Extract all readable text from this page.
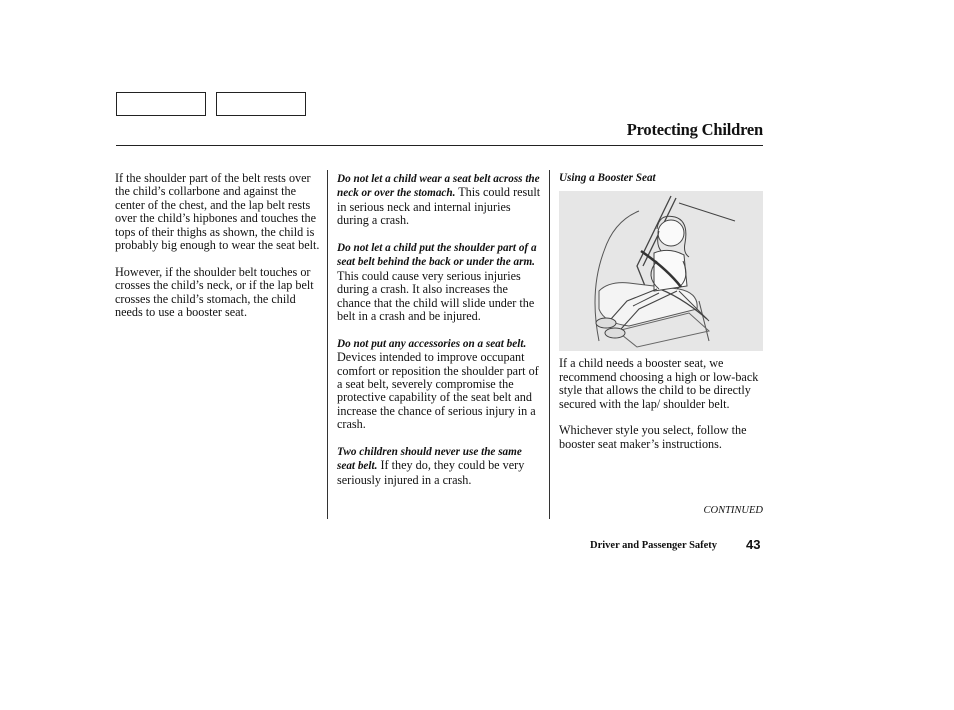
Protecting Children

If the shoulder part of the belt rests over the child’s collarbone and against the center of the chest, and the lap belt rests over the child’s hipbones and touches the tops of their thighs as shown, the child is probably big enough to wear the seat belt.

However, if the shoulder belt touches or crosses the child’s neck, or if the lap belt crosses the child’s stomach, the child needs to use a booster seat.

Do not let a child wear a seat belt across the neck or over the stomach. This could result in serious neck and internal injuries during a crash.

Do not let a child put the shoulder part of a seat belt behind the back or under the arm. This could cause very serious injuries during a crash. It also increases the chance that the child will slide under the belt in a crash and be injured.

Do not put any accessories on a seat belt. Devices intended to improve occupant comfort or reposition the shoulder part of a seat belt, severely compromise the protective capability of the seat belt and increase the chance of serious injury in a crash.

Two children should never use the same seat belt. If they do, they could be very seriously injured in a crash.

Using a Booster Seat

If a child needs a booster seat, we recommend choosing a high or low-back style that allows the child to be directly secured with the lap/ shoulder belt.

Whichever style you select, follow the booster seat maker’s instructions.

CONTINUED
Driver and Passenger Safety 43
